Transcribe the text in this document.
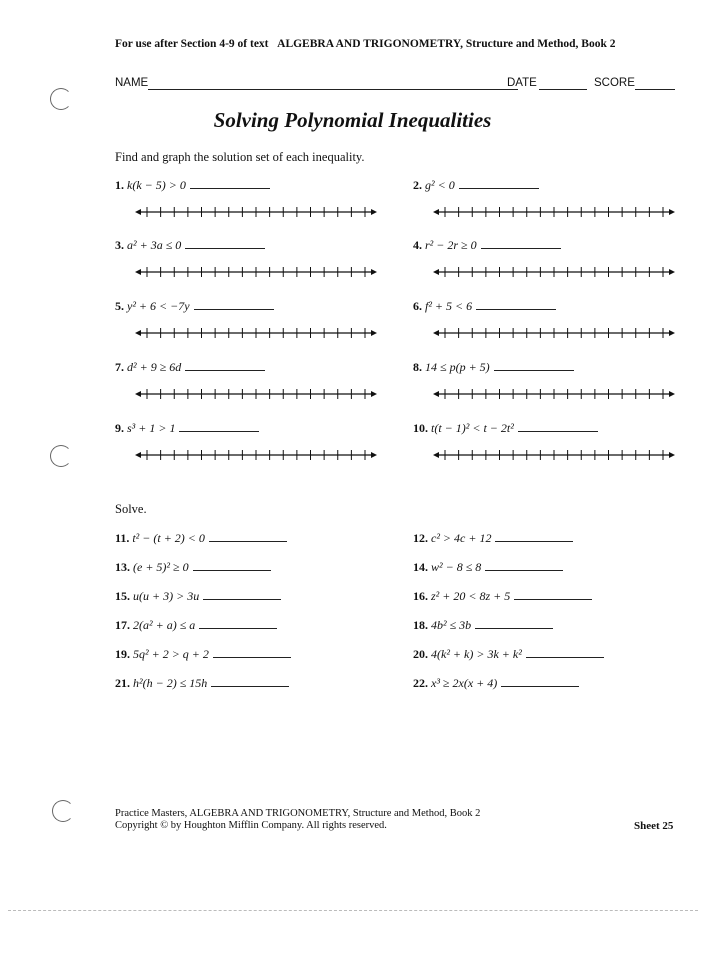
For use after Section 4-9 of text ALGEBRA AND TRIGONOMETRY, Structure and Method, Book 2
NAME	DATE	SCORE
Solving Polynomial Inequalities
Find and graph the solution set of each inequality.
1. k(k − 5) > 0	2. g² < 0
3. a² + 3a ≤ 0	4. r² − 2r ≥ 0
5. y² + 6 < −7y	6. f² + 5 < 6
7. d² + 9 ≥ 6d	8. 14 ≤ p(p + 5)
9. s³ + 1 > 1	10. t(t − 1)² < t − 2t²
Solve.
11. t² − (t + 2) < 0	12. c² > 4c + 12
13. (e + 5)² ≥ 0	14. w² − 8 ≤ 8
15. u(u + 3) > 3u	16. z² + 20 < 8z + 5
17. 2(a² + a) ≤ a	18. 4b² ≤ 3b
19. 5q² + 2 > q + 2	20. 4(k² + k) > 3k + k²
21. h²(h − 2) ≤ 15h	22. x³ ≥ 2x(x + 4)
Practice Masters, ALGEBRA AND TRIGONOMETRY, Structure and Method, Book 2
Copyright © by Houghton Mifflin Company. All rights reserved.	Sheet 25
